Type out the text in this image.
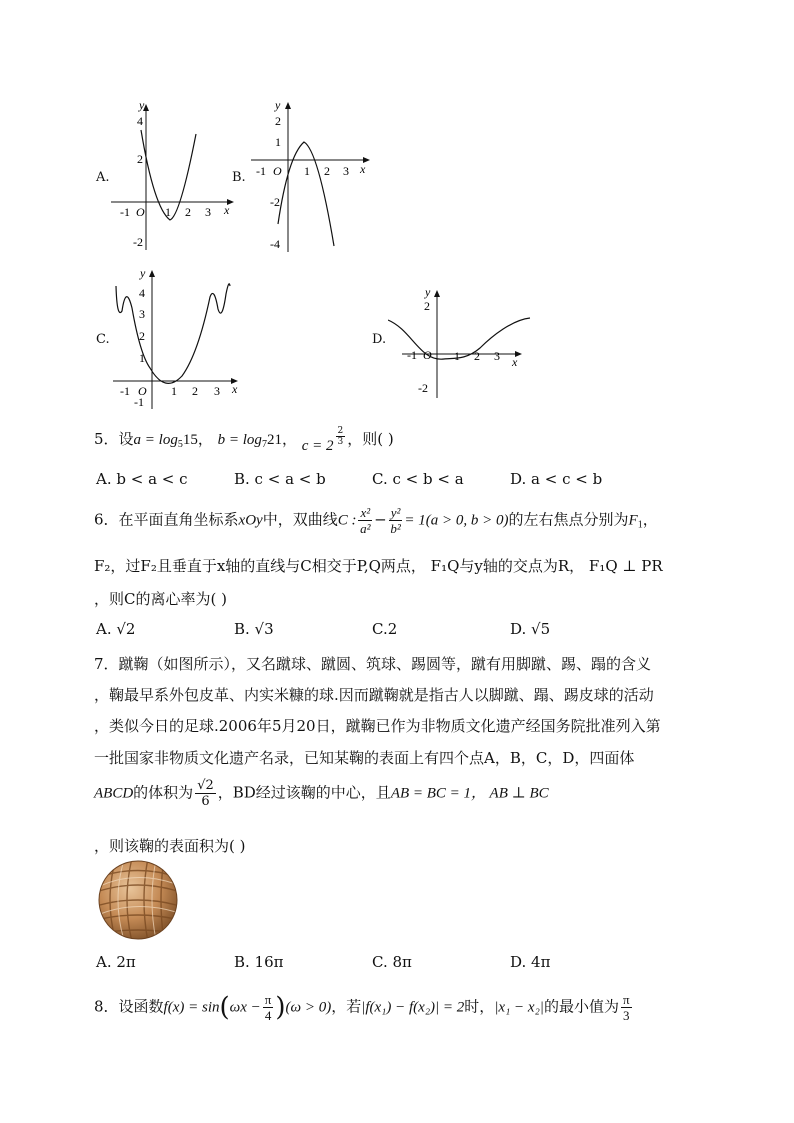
A.
y
x
4
2
-2
-1 O 1 2 3
B.
y
x
2
1
-2
-4
-1 O 1 2 3
C.
y
x
4
3
2
1
-1
-1 O 1 2 3
D.
y
x
2
-2
-1 O 1 2 3
5．设$a = \log_515$， $b = \log_721$， $c = 2 \frac{2}{3}$ ，则( )
A. b < a < c	B. c < a < b	C. c < b < a	D. a < c < b
6．在平面直角坐标系xOy中，双曲线C : $\frac{\text{x²}}{\text{a²}} - \frac{\text{y²}}{\text{b²}} = 1(a > 0$, b > 0)的左右焦点分别为$F_1$，
F₂，过F₂且垂直于x轴的直线与C相交于P,Q两点， F₁Q与y轴的交点为R， F₁Q ⊥ PR
，则C的离心率为( )
A. √2	B. √3	C.2	D. √5
7．蹴鞠（如图所示），又名蹴球、蹴圆、筑球、踢圆等，蹴有用脚蹴、踢、蹋的含义
，鞠最早系外包皮革、内实米糠的球.因而蹴鞠就是指古人以脚蹴、蹋、踢皮球的活动
，类似今日的足球.2006年5月20日，蹴鞠已作为非物质文化遗产经国务院批准列入第
一批国家非物质文化遗产名录，已知某鞠的表面上有四个点A，B，C，D，四面体
ABCD的体积为 $\frac{√2}{6}$ ，BD经过该鞠的中心，且AB = BC = 1， AB ⊥ BC
，则该鞠的表面积为( )
A. 2π	B. 16π	C. 8π	D. 4π
8．设函数$f(x) = \sin(\omega x - \frac{\pi}{4} )(\omega > 0)$，若|f(x₁) − f(x₂)| = 2时，|x₁ − x₂|的最小值为 $\frac{\pi}{3}$
